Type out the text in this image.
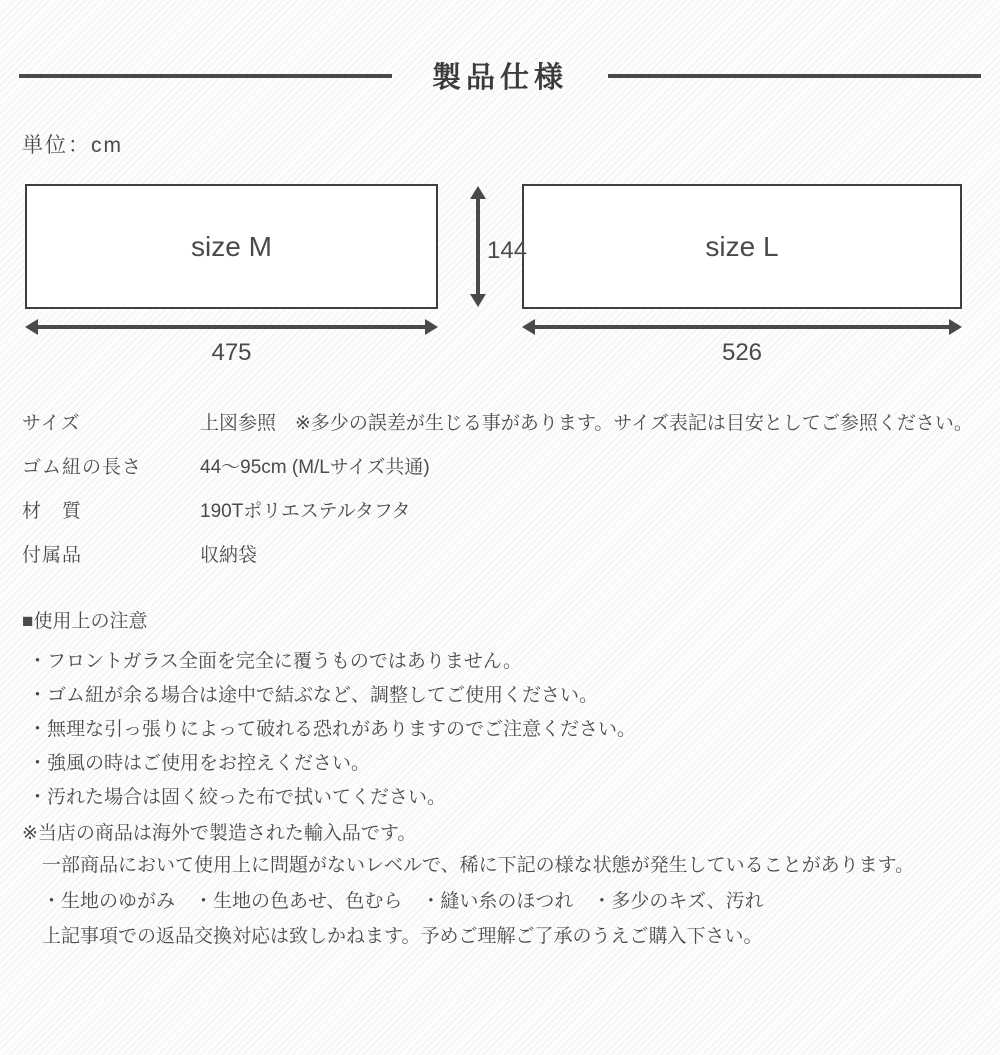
製品仕様
単位：cm
size M	size L
144
475	526
サイズ	上図参照　※多少の誤差が生じる事があります。サイズ表記は目安としてご参照ください。
ゴム紐の長さ	44〜95cm (M/Lサイズ共通)
材　質	190Tポリエステルタフタ
付属品	収納袋

■使用上の注意

・フロントガラス全面を完全に覆うものではありません。

・ゴム紐が余る場合は途中で結ぶなど、調整してご使用ください。

・無理な引っ張りによって破れる恐れがありますのでご注意ください。

・強風の時はご使用をお控えください。

・汚れた場合は固く絞った布で拭いてください。

※当店の商品は海外で製造された輸入品です。

一部商品において使用上に問題がないレベルで、稀に下記の様な状態が発生していることがあります。

・生地のゆがみ　・生地の色あせ、色むら　・縫い糸のほつれ　・多少のキズ、汚れ

上記事項での返品交換対応は致しかねます。予めご理解ご了承のうえご購入下さい。
